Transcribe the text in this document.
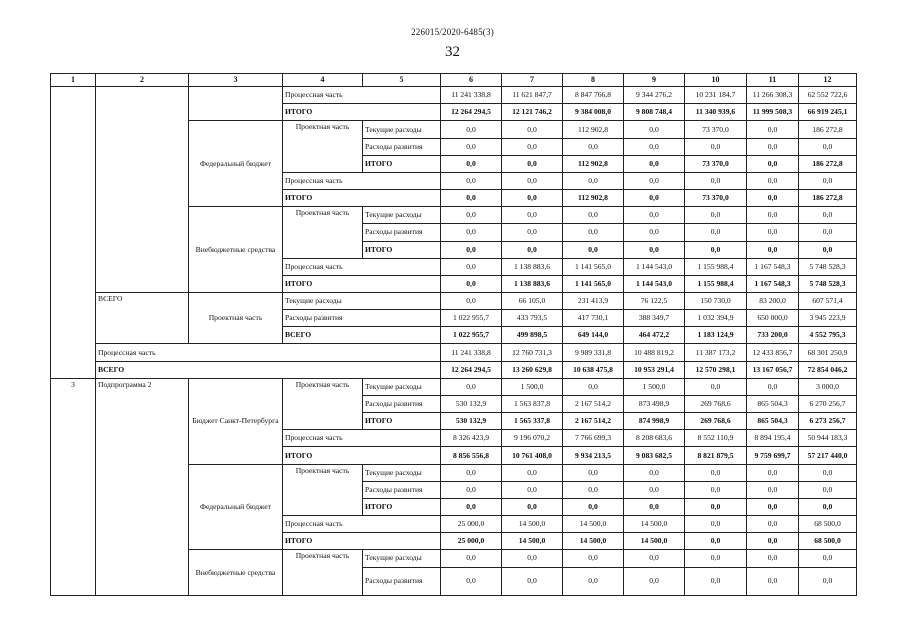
226015/2020-6485(3)
32
1	2	3	4	5	6	7	8	9	10	11	12
			Процессная часть		11 241 338,8	11 621 847,7	8 847 766,8	9 344 276,2	10 231 184,7	11 266 308,3	62 552 722,6
			ИТОГО		12 264 294,5	12 121 746,2	9 384 008,0	9 808 748,4	11 340 939,6	11 999 508,3	66 919 245,1
		Федеральный бюджет	Проектная часть	Текущие расходы	0,0	0,0	112 902,8	0,0	73 370,0	0,0	186 272,8
				Расходы развития	0,0	0,0	0,0	0,0	0,0	0,0	0,0
				ИТОГО	0,0	0,0	112 902,8	0,0	73 370,0	0,0	186 272,8
			Процессная часть		0,0	0,0	0,0	0,0	0,0	0,0	0,0
			ИТОГО		0,0	0,0	112 902,8	0,0	73 370,0	0,0	186 272,8
		Внебюджетные средства	Проектная часть	Текущие расходы	0,0	0,0	0,0	0,0	0,0	0,0	0,0
				Расходы развития	0,0	0,0	0,0	0,0	0,0	0,0	0,0
				ИТОГО	0,0	0,0	0,0	0,0	0,0	0,0	0,0
			Процессная часть		0,0	1 138 883,6	1 141 565,0	1 144 543,0	1 155 988,4	1 167 548,3	5 748 528,3
			ИТОГО		0,0	1 138 883,6	1 141 565,0	1 144 543,0	1 155 988,4	1 167 548,3	5 748 528,3
	ВСЕГО	Проектная часть	Текущие расходы		0,0	66 105,0	231 413,9	76 122,5	150 730,0	83 200,0	607 571,4
			Расходы развития		1 022 955,7	433 793,5	417 730,1	388 349,7	1 032 394,9	650 000,0	3 945 223,9
			ВСЕГО		1 022 955,7	499 898,5	649 144,0	464 472,2	1 183 124,9	733 200,0	4 552 795,3
	Процессная часть				11 241 338,8	12 760 731,3	9 989 331,8	10 488 819,2	11 387 173,2	12 433 856,7	68 301 250,9
	ВСЕГО				12 264 294,5	13 260 629,8	10 638 475,8	10 953 291,4	12 570 298,1	13 167 056,7	72 854 046,2
3	Подпрограмма 2	Бюджет Санкт-Петербурга	Проектная часть	Текущие расходы	0,0	1 500,0	0,0	1 500,0	0,0	0,0	3 000,0
				Расходы развития	530 132,9	1 563 837,8	2 167 514,2	873 498,9	269 768,6	865 504,3	6 270 256,7
				ИТОГО	530 132,9	1 565 337,8	2 167 514,2	874 998,9	269 768,6	865 504,3	6 273 256,7
			Процессная часть		8 326 423,9	9 196 070,2	7 766 699,3	8 208 683,6	8 552 110,9	8 894 195,4	50 944 183,3
			ИТОГО		8 856 556,8	10 761 408,0	9 934 213,5	9 083 682,5	8 821 879,5	9 759 699,7	57 217 440,0
		Федеральный бюджет	Проектная часть	Текущие расходы	0,0	0,0	0,0	0,0	0,0	0,0	0,0
				Расходы развития	0,0	0,0	0,0	0,0	0,0	0,0	0,0
				ИТОГО	0,0	0,0	0,0	0,0	0,0	0,0	0,0
			Процессная часть		25 000,0	14 500,0	14 500,0	14 500,0	0,0	0,0	68 500,0
			ИТОГО		25 000,0	14 500,0	14 500,0	14 500,0	0,0	0,0	68 500,0
		Внебюджетные средства	Проектная часть	Текущие расходы	0,0	0,0	0,0	0,0	0,0	0,0	0,0
				Расходы развития	0,0	0,0	0,0	0,0	0,0	0,0	0,0
